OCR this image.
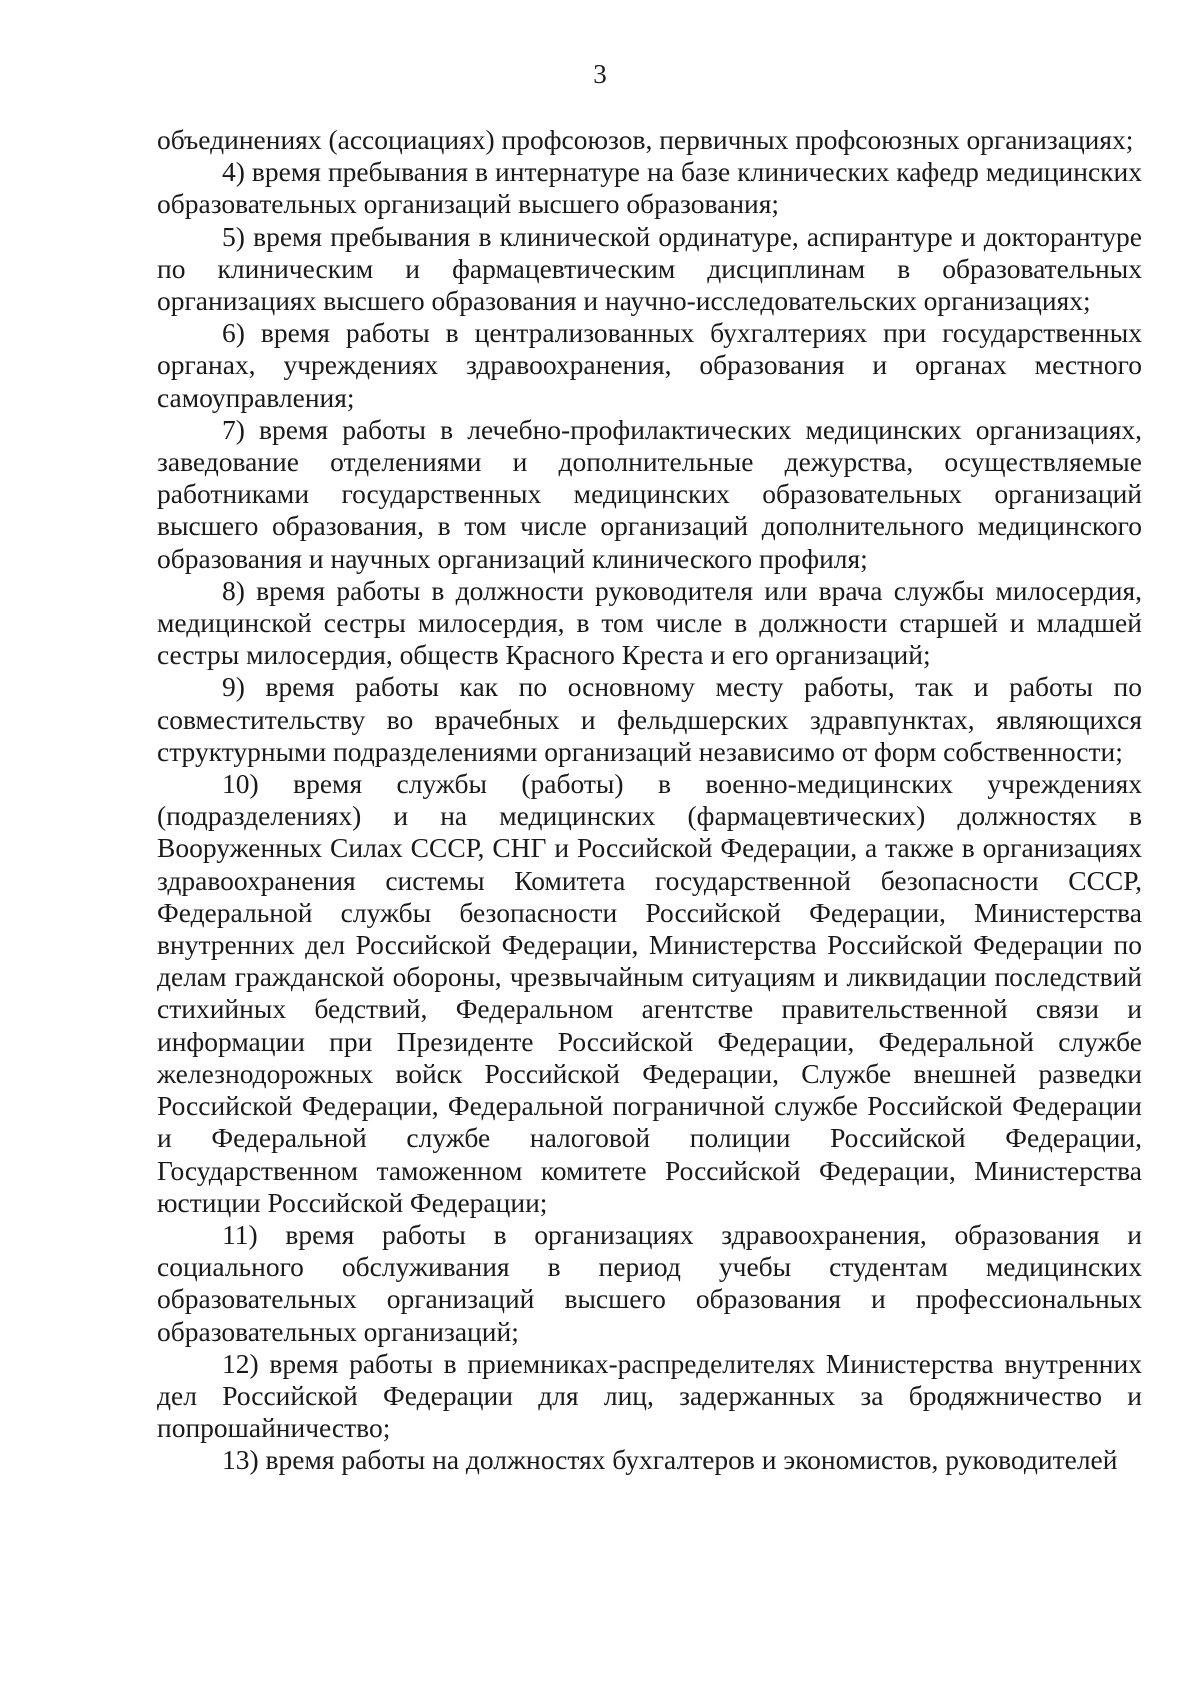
3

объединениях (ассоциациях) профсоюзов, первичных профсоюзных организациях;

4) время пребывания в интернатуре на базе клинических кафедр медицинских образовательных организаций высшего образования;

5) время пребывания в клинической ординатуре, аспирантуре и докторантуре по клиническим и фармацевтическим дисциплинам в образовательных организациях высшего образования и научно-исследовательских организациях;

6) время работы в централизованных бухгалтериях при государственных органах, учреждениях здравоохранения, образования и органах местного самоуправления;

7) время работы в лечебно-профилактических медицинских организациях, заведование отделениями и дополнительные дежурства, осуществляемые работниками государственных медицинских образовательных организаций высшего образования, в том числе организаций дополнительного медицинского образования и научных организаций клинического профиля;

8) время работы в должности руководителя или врача службы милосердия, медицинской сестры милосердия, в том числе в должности старшей и младшей сестры милосердия, обществ Красного Креста и его организаций;

9) время работы как по основному месту работы, так и работы по совместительству во врачебных и фельдшерских здравпунктах, являющихся структурными подразделениями организаций независимо от форм собственности;

10) время службы (работы) в военно-медицинских учреждениях (подразделениях) и на медицинских (фармацевтических) должностях в Вооруженных Силах СССР, СНГ и Российской Федерации, а также в организациях здравоохранения системы Комитета государственной безопасности СССР, Федеральной службы безопасности Российской Федерации, Министерства внутренних дел Российской Федерации, Министерства Российской Федерации по делам гражданской обороны, чрезвычайным ситуациям и ликвидации последствий стихийных бедствий, Федеральном агентстве правительственной связи и информации при Президенте Российской Федерации, Федеральной службе железнодорожных войск Российской Федерации, Службе внешней разведки Российской Федерации, Федеральной пограничной службе Российской Федерации и Федеральной службе налоговой полиции Российской Федерации, Государственном таможенном комитете Российской Федерации, Министерства юстиции Российской Федерации;

11) время работы в организациях здравоохранения, образования и социального обслуживания в период учебы студентам медицинских образовательных организаций высшего образования и профессиональных образовательных организаций;

12) время работы в приемниках-распределителях Министерства внутренних дел Российской Федерации для лиц, задержанных за бродяжничество и попрошайничество;

13) время работы на должностях бухгалтеров и экономистов, руководителей
